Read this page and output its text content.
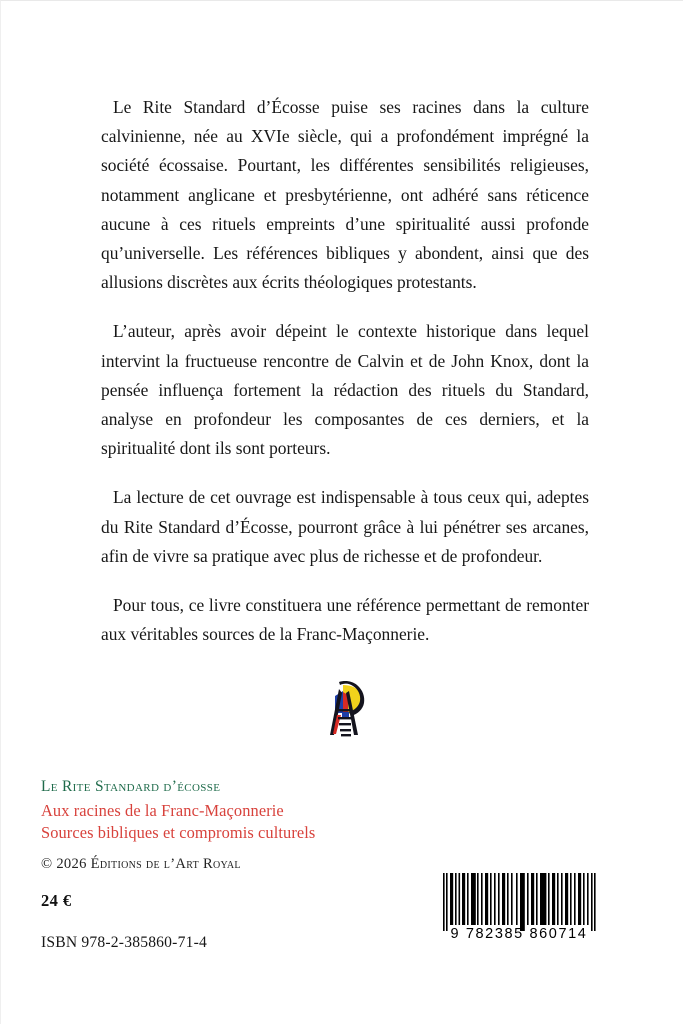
Le Rite Standard d’Écosse puise ses racines dans la culture calvinienne, née au XVIe siècle, qui a profondément imprégné la société écossaise. Pourtant, les différentes sensibilités religieuses, notamment anglicane et presbytérienne, ont adhéré sans réticence aucune à ces rituels empreints d’une spiritualité aussi profonde qu’universelle. Les références bibliques y abondent, ainsi que des allusions discrètes aux écrits théologiques protestants.

L’auteur, après avoir dépeint le contexte historique dans lequel intervint la fructueuse rencontre de Calvin et de John Knox, dont la pensée influença fortement la rédaction des rituels du Standard, analyse en profondeur les composantes de ces derniers, et la spiritualité dont ils sont porteurs.

La lecture de cet ouvrage est indispensable à tous ceux qui, adeptes du Rite Standard d’Écosse, pourront grâce à lui pénétrer ses arcanes, afin de vivre sa pratique avec plus de richesse et de profondeur.

Pour tous, ce livre constituera une référence permettant de remonter aux véritables sources de la Franc-Maçonnerie.

Le Rite Standard d’écosse
Aux racines de la Franc-Maçonnerie
Sources bibliques et compromis culturels
© 2026 Éditions de l’Art Royal
24 €
ISBN 978-2-385860-71-4	9 782385 860714
